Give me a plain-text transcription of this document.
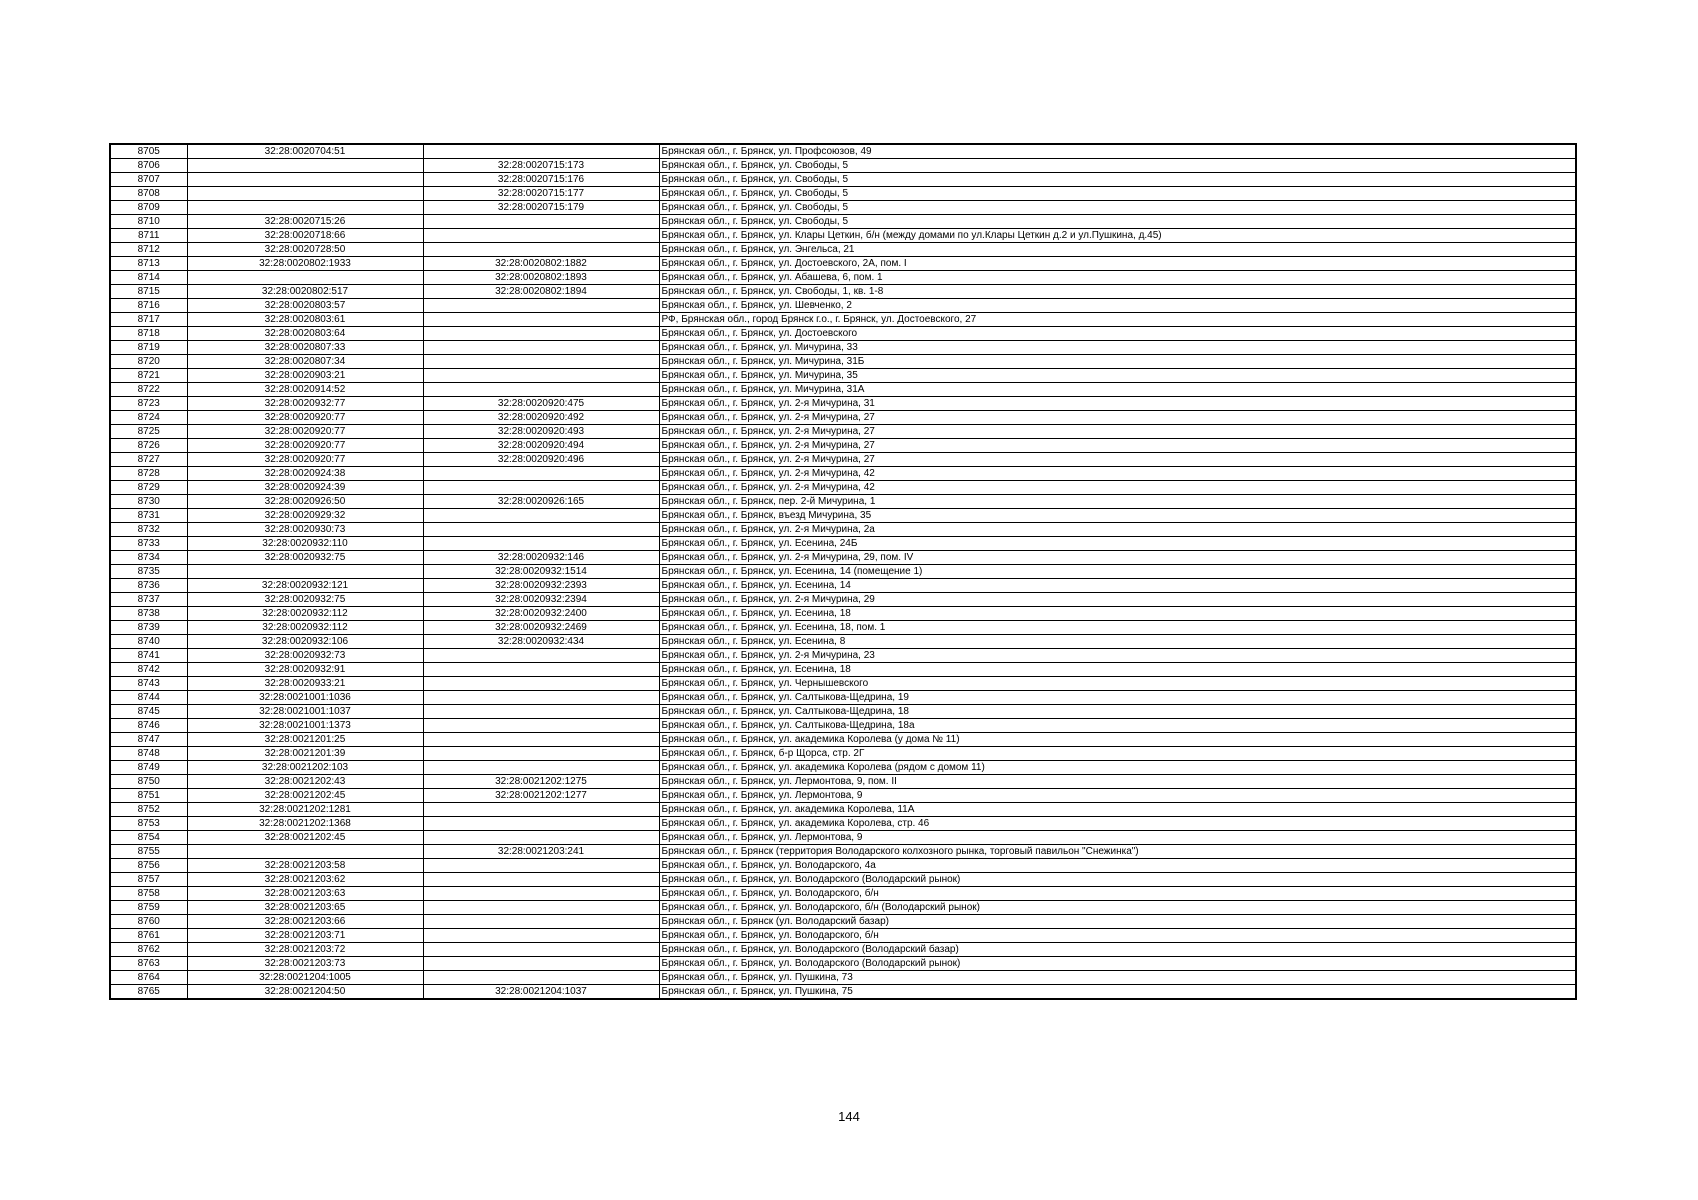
8705	32:28:0020704:51		Брянская обл., г. Брянск, ул. Профсоюзов, 49
8706		32:28:0020715:173	Брянская обл., г. Брянск, ул. Свободы, 5
8707		32:28:0020715:176	Брянская обл., г. Брянск, ул. Свободы, 5
8708		32:28:0020715:177	Брянская обл., г. Брянск, ул. Свободы, 5
8709		32:28:0020715:179	Брянская обл., г. Брянск, ул. Свободы, 5
8710	32:28:0020715:26		Брянская обл., г. Брянск, ул. Свободы, 5
8711	32:28:0020718:66		Брянская обл., г. Брянск, ул. Клары Цеткин, б/н (между домами по ул.Клары Цеткин д.2 и ул.Пушкина, д.45)
8712	32:28:0020728:50		Брянская обл., г. Брянск, ул. Энгельса, 21
8713	32:28:0020802:1933	32:28:0020802:1882	Брянская обл., г. Брянск, ул. Достоевского, 2А, пом. I
8714		32:28:0020802:1893	Брянская обл., г. Брянск, ул. Абашева, 6, пом. 1
8715	32:28:0020802:517	32:28:0020802:1894	Брянская обл., г. Брянск, ул. Свободы, 1, кв. 1-8
8716	32:28:0020803:57		Брянская обл., г. Брянск, ул. Шевченко, 2
8717	32:28:0020803:61		РФ, Брянская обл., город Брянск г.о., г. Брянск, ул. Достоевского, 27
8718	32:28:0020803:64		Брянская обл., г. Брянск, ул. Достоевского
8719	32:28:0020807:33		Брянская обл., г. Брянск, ул. Мичурина, 33
8720	32:28:0020807:34		Брянская обл., г. Брянск, ул. Мичурина, 31Б
8721	32:28:0020903:21		Брянская обл., г. Брянск, ул. Мичурина, 35
8722	32:28:0020914:52		Брянская обл., г. Брянск, ул. Мичурина, 31А
8723	32:28:0020932:77	32:28:0020920:475	Брянская обл., г. Брянск, ул. 2-я Мичурина, 31
8724	32:28:0020920:77	32:28:0020920:492	Брянская обл., г. Брянск, ул. 2-я Мичурина, 27
8725	32:28:0020920:77	32:28:0020920:493	Брянская обл., г. Брянск, ул. 2-я Мичурина, 27
8726	32:28:0020920:77	32:28:0020920:494	Брянская обл., г. Брянск, ул. 2-я Мичурина, 27
8727	32:28:0020920:77	32:28:0020920:496	Брянская обл., г. Брянск, ул. 2-я Мичурина, 27
8728	32:28:0020924:38		Брянская обл., г. Брянск, ул. 2-я Мичурина, 42
8729	32:28:0020924:39		Брянская обл., г. Брянск, ул. 2-я Мичурина, 42
8730	32:28:0020926:50	32:28:0020926:165	Брянская обл., г. Брянск, пер. 2-й Мичурина, 1
8731	32:28:0020929:32		Брянская обл., г. Брянск, въезд Мичурина, 35
8732	32:28:0020930:73		Брянская обл., г. Брянск, ул. 2-я Мичурина, 2а
8733	32:28:0020932:110		Брянская обл., г. Брянск, ул. Есенина, 24Б
8734	32:28:0020932:75	32:28:0020932:146	Брянская обл., г. Брянск, ул. 2-я Мичурина, 29, пом. IV
8735		32:28:0020932:1514	Брянская обл., г. Брянск, ул. Есенина, 14 (помещение 1)
8736	32:28:0020932:121	32:28:0020932:2393	Брянская обл., г. Брянск, ул. Есенина, 14
8737	32:28:0020932:75	32:28:0020932:2394	Брянская обл., г. Брянск, ул. 2-я Мичурина, 29
8738	32:28:0020932:112	32:28:0020932:2400	Брянская обл., г. Брянск, ул. Есенина, 18
8739	32:28:0020932:112	32:28:0020932:2469	Брянская обл., г. Брянск, ул. Есенина, 18, пом. 1
8740	32:28:0020932:106	32:28:0020932:434	Брянская обл., г. Брянск, ул. Есенина, 8
8741	32:28:0020932:73		Брянская обл., г. Брянск, ул. 2-я Мичурина, 23
8742	32:28:0020932:91		Брянская обл., г. Брянск, ул. Есенина, 18
8743	32:28:0020933:21		Брянская обл., г. Брянск, ул. Чернышевского
8744	32:28:0021001:1036		Брянская обл., г. Брянск, ул. Салтыкова-Щедрина, 19
8745	32:28:0021001:1037		Брянская обл., г. Брянск, ул. Салтыкова-Щедрина, 18
8746	32:28:0021001:1373		Брянская обл., г. Брянск, ул. Салтыкова-Щедрина, 18а
8747	32:28:0021201:25		Брянская обл., г. Брянск, ул. академика Королева (у дома № 11)
8748	32:28:0021201:39		Брянская обл., г. Брянск, б-р Щорса, стр. 2Г
8749	32:28:0021202:103		Брянская обл., г. Брянск, ул. академика Королева (рядом с домом 11)
8750	32:28:0021202:43	32:28:0021202:1275	Брянская обл., г. Брянск, ул. Лермонтова, 9, пом. II
8751	32:28:0021202:45	32:28:0021202:1277	Брянская обл., г. Брянск, ул. Лермонтова, 9
8752	32:28:0021202:1281		Брянская обл., г. Брянск, ул. академика Королева, 11А
8753	32:28:0021202:1368		Брянская обл., г. Брянск, ул. академика Королева, стр. 46
8754	32:28:0021202:45		Брянская обл., г. Брянск, ул. Лермонтова, 9
8755		32:28:0021203:241	Брянская обл., г. Брянск (территория Володарского колхозного рынка, торговый павильон "Снежинка")
8756	32:28:0021203:58		Брянская обл., г. Брянск, ул. Володарского, 4а
8757	32:28:0021203:62		Брянская обл., г. Брянск, ул. Володарского (Володарский рынок)
8758	32:28:0021203:63		Брянская обл., г. Брянск, ул. Володарского, б/н
8759	32:28:0021203:65		Брянская обл., г. Брянск, ул. Володарского, б/н (Володарский рынок)
8760	32:28:0021203:66		Брянская обл., г. Брянск (ул. Володарский базар)
8761	32:28:0021203:71		Брянская обл., г. Брянск, ул. Володарского, б/н
8762	32:28:0021203:72		Брянская обл., г. Брянск, ул. Володарского (Володарский базар)
8763	32:28:0021203:73		Брянская обл., г. Брянск, ул. Володарского (Володарский рынок)
8764	32:28:0021204:1005		Брянская обл., г. Брянск, ул. Пушкина, 73
8765	32:28:0021204:50	32:28:0021204:1037	Брянская обл., г. Брянск, ул. Пушкина, 75
144
